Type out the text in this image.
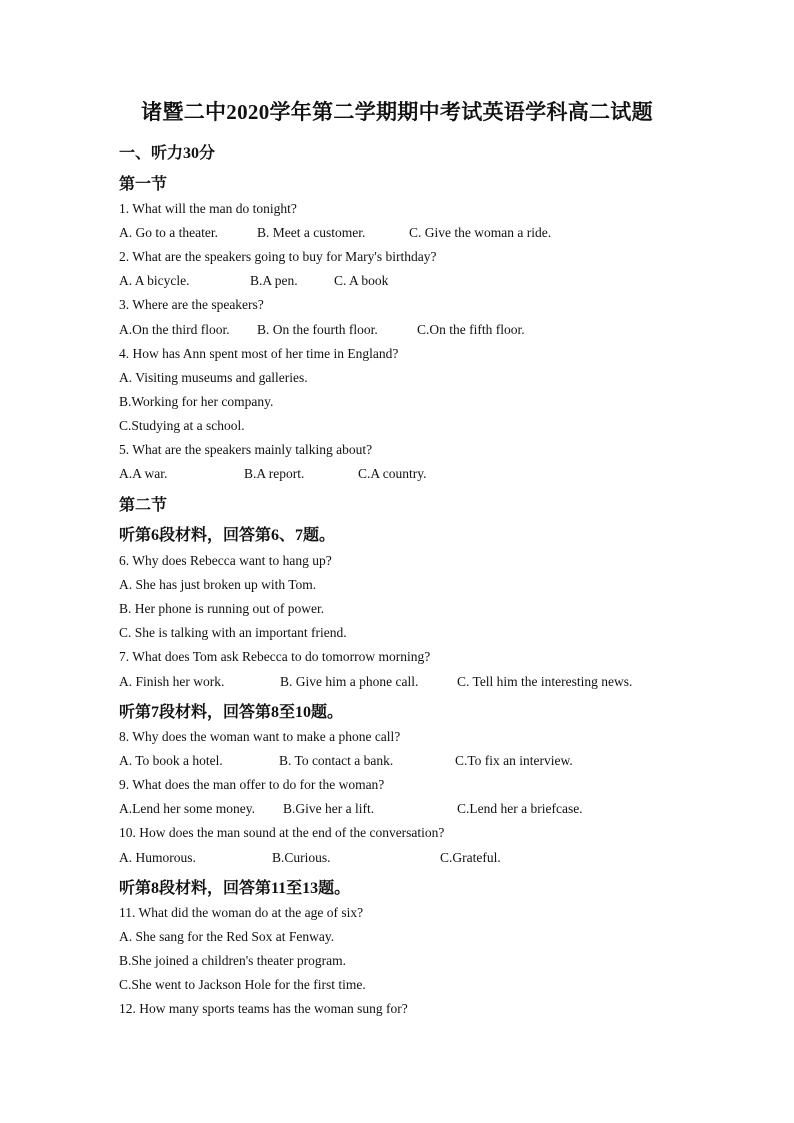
诸暨二中2020学年第二学期期中考试英语学科高二试题
一、听力30分
第一节
1. What will the man do tonight?
A. Go to a theater.	B. Meet a customer.	C. Give the woman a ride.
2. What are the speakers going to buy for Mary's birthday?
A. A bicycle.	B.A pen.	C. A book
3. Where are the speakers?
A.On the third floor. B. On the fourth floor.	C.On the fifth floor.
4. How has Ann spent most of her time in England?
A. Visiting museums and galleries.
B.Working for her company.
C.Studying at a school.
5. What are the speakers mainly talking about?
A.A war.	B.A report.	C.A country.
第二节
听第6段材料，回答第6、7题。
6. Why does Rebecca want to hang up?
A. She has just broken up with Tom.
B. Her phone is running out of power.
C. She is talking with an important friend.
7. What does Tom ask Rebecca to do tomorrow morning?
A. Finish her work.	B. Give him a phone call.	C. Tell him the interesting news.
听第7段材料，回答第8至10题。
8. Why does the woman want to make a phone call?
A. To book a hotel.	B. To contact a bank.	C.To fix an interview.
9. What does the man offer to do for the woman?
A.Lend her some money. B.Give her a lift.	C.Lend her a briefcase.
10. How does the man sound at the end of the conversation?
A. Humorous.	B.Curious.	C.Grateful.
听第8段材料，回答第11至13题。
11. What did the woman do at the age of six?
A. She sang for the Red Sox at Fenway.
B.She joined a children's theater program.
C.She went to Jackson Hole for the first time.
12. How many sports teams has the woman sung for?
